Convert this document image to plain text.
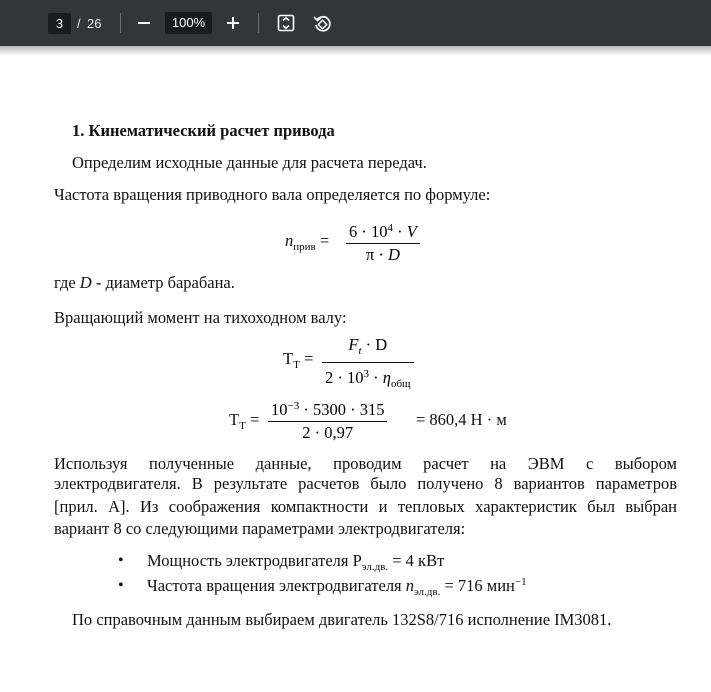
3	/ 26	100%
1. Кинематический расчет привода
Определим исходные данные для расчета передач.
Частота вращения приводного вала определяется по формуле:
$n_{прив} = 6 \cdot 10^4 \cdot V$
π · D
где D - диаметр барабана.
Вращающий момент на тихоходном валу:
$Т_Т$ =
$F_t \cdot D$
$2 \cdot 10^3 \cdot \eta_{общ}$
$Т_Т$ =
$10^{-3} \cdot 5300 \cdot 315$
2 · 0,97
= 860,4 Н · м
Используя полученные данные, проводим расчет на ЭВМ с выбором
электродвигателя. В результате расчетов было получено 8 вариантов параметров
[прил. А]. Из соображения компактности и тепловых характеристик был выбран
вариант 8 со следующими параметрами электродвигателя:
• Мощность электродвигателя $Р_{эл.дв.} = 4$ кВт
• Частота вращения электродвигателя $n_{эл.дв.} = 716$ мин$^{-1}$
По справочным данным выбираем двигатель 132S8/716 исполнение IM3081.
